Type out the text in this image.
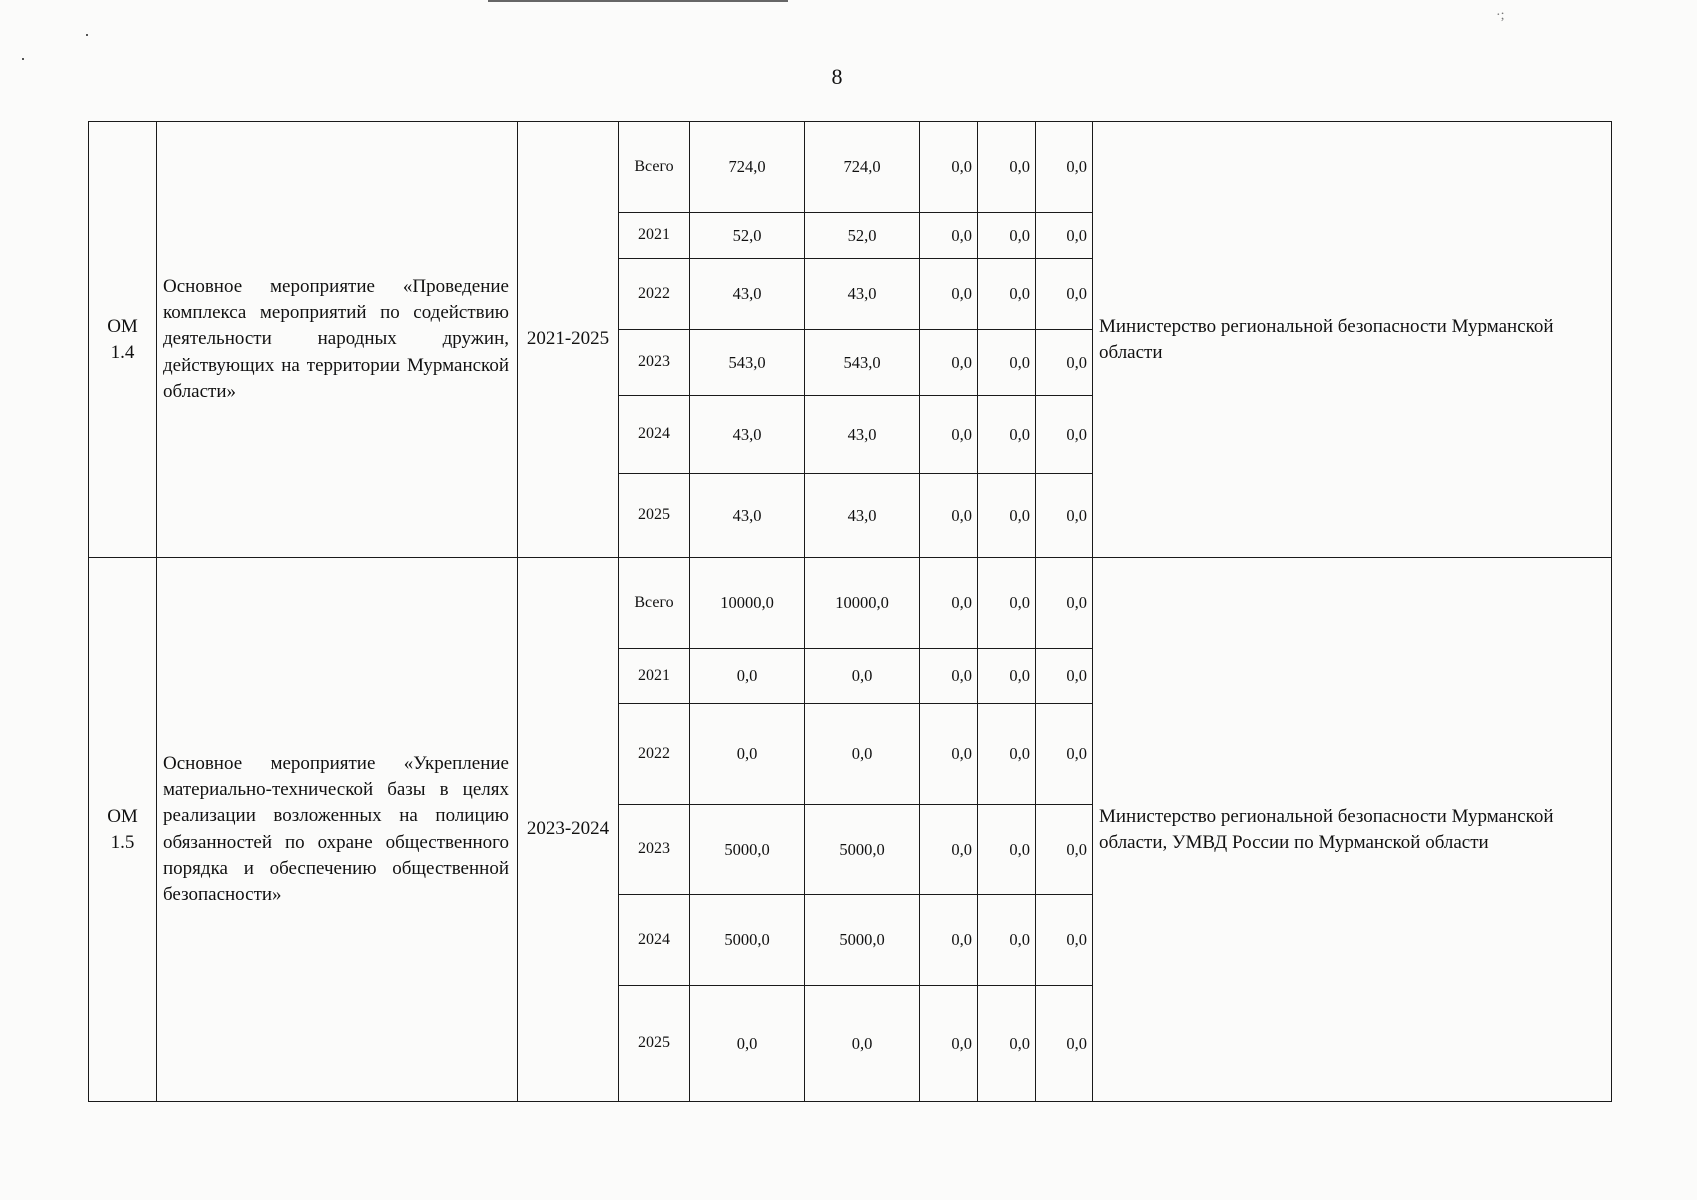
·;
8
ОМ 1.4	Основное мероприятие «Проведение комплекса мероприятий по содействию деятельности народных дружин, действующих на территории Мурманской области»	2021-2025	Всего	724,0	724,0	0,0	0,0	0,0	Министерство региональной безопасности Мурманской области
			2021	52,0	52,0	0,0	0,0	0,0	
			2022	43,0	43,0	0,0	0,0	0,0	
			2023	543,0	543,0	0,0	0,0	0,0	
			2024	43,0	43,0	0,0	0,0	0,0	
			2025	43,0	43,0	0,0	0,0	0,0	
ОМ 1.5	Основное мероприятие «Укрепление материально-технической базы в целях реализации возложенных на полицию обязанностей по охране общественного порядка и обеспечению общественной безопасности»	2023-2024	Всего	10000,0	10000,0	0,0	0,0	0,0	Министерство региональной безопасности Мурманской области, УМВД России по Мурманской области
			2021	0,0	0,0	0,0	0,0	0,0	
			2022	0,0	0,0	0,0	0,0	0,0	
			2023	5000,0	5000,0	0,0	0,0	0,0	
			2024	5000,0	5000,0	0,0	0,0	0,0	
			2025	0,0	0,0	0,0	0,0	0,0	
